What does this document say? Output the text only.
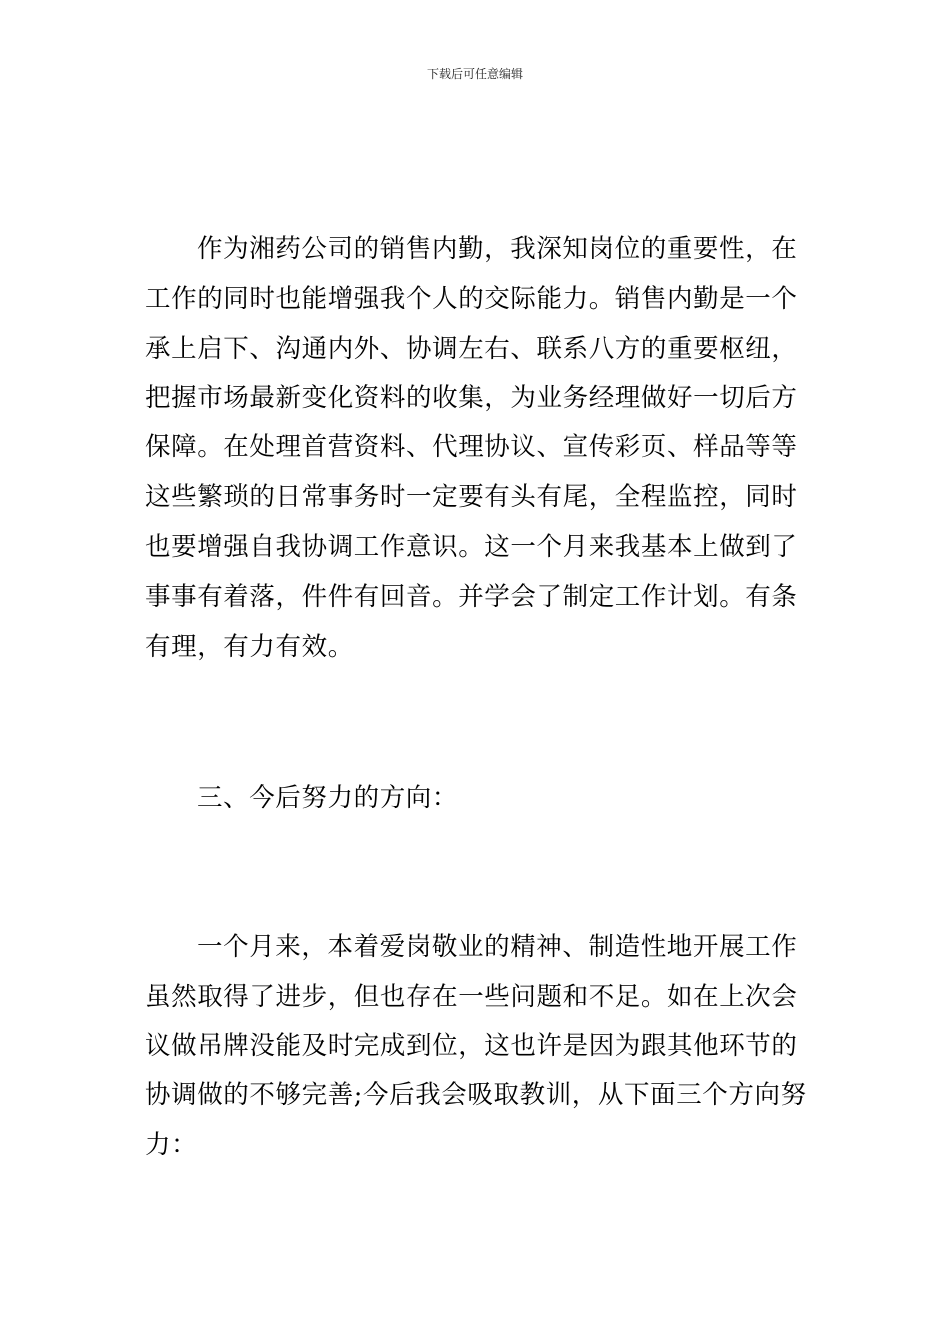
下载后可任意编辑
作为湘药公司的销售内勤，我深知岗位的重要性，在
工作的同时也能增强我个人的交际能力。销售内勤是一个
承上启下、沟通内外、协调左右、联系八方的重要枢纽，
把握市场最新变化资料的收集，为业务经理做好一切后方
保障。在处理首营资料、代理协议、宣传彩页、样品等等
这些繁琐的日常事务时一定要有头有尾，全程监控，同时
也要增强自我协调工作意识。这一个月来我基本上做到了
事事有着落，件件有回音。并学会了制定工作计划。有条
有理，有力有效。
三、今后努力的方向：
一个月来，本着爱岗敬业的精神、制造性地开展工作
虽然取得了进步，但也存在一些问题和不足。如在上次会
议做吊牌没能及时完成到位，这也许是因为跟其他环节的
协调做的不够完善;今后我会吸取教训，从下面三个方向努
力：
